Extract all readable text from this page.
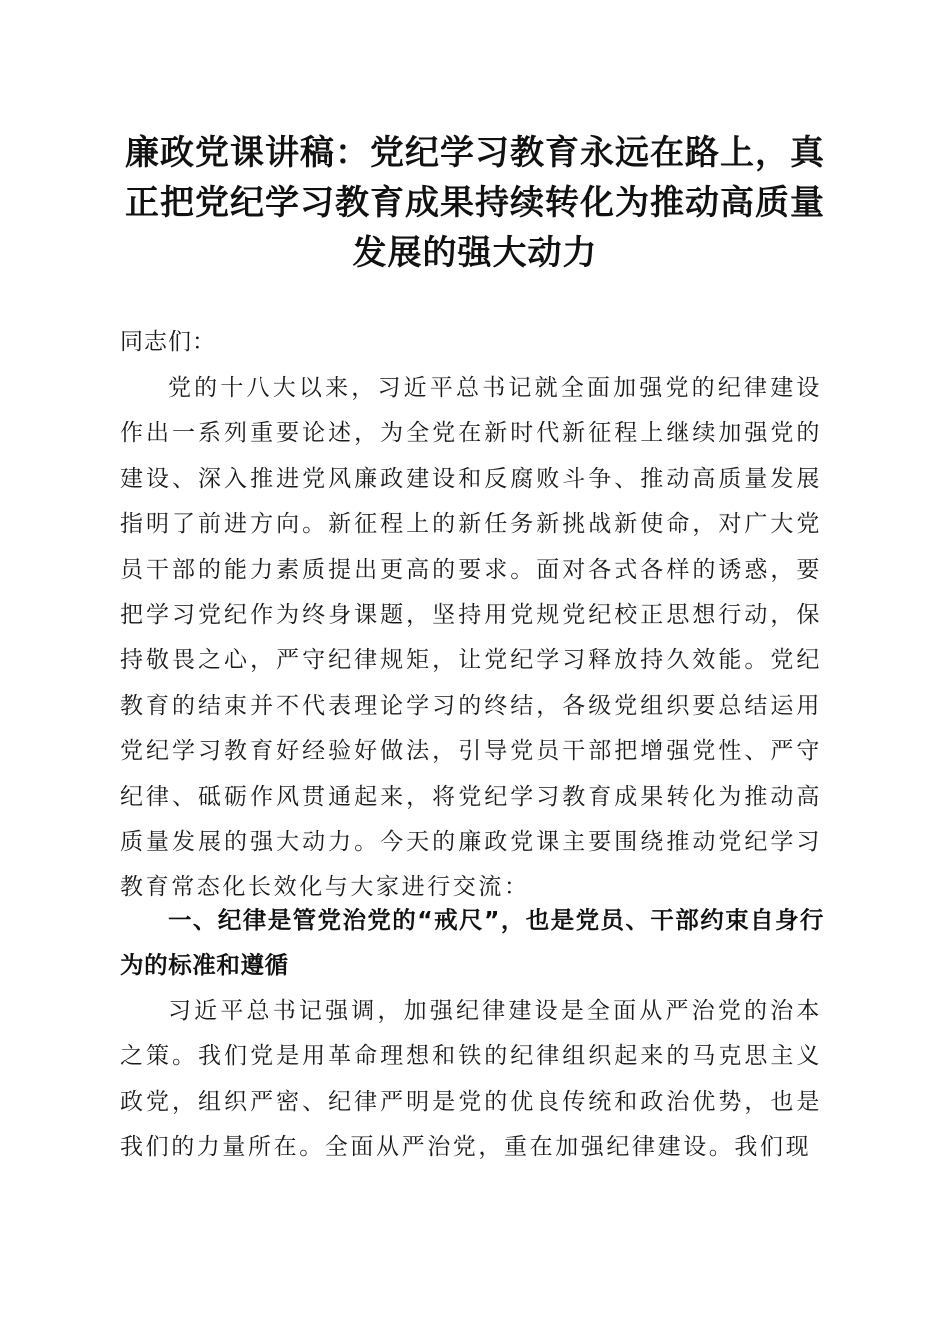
廉政党课讲稿：党纪学习教育永远在路上，真正把党纪学习教育成果持续转化为推动高质量发展的强大动力

同志们：

党的十八大以来，习近平总书记就全面加强党的纪律建设作出一系列重要论述，为全党在新时代新征程上继续加强党的建设、深入推进党风廉政建设和反腐败斗争、推动高质量发展指明了前进方向。新征程上的新任务新挑战新使命，对广大党员干部的能力素质提出更高的要求。面对各式各样的诱惑，要把学习党纪作为终身课题，坚持用党规党纪校正思想行动，保持敬畏之心，严守纪律规矩，让党纪学习释放持久效能。党纪教育的结束并不代表理论学习的终结，各级党组织要总结运用党纪学习教育好经验好做法，引导党员干部把增强党性、严守纪律、砥砺作风贯通起来，将党纪学习教育成果转化为推动高质量发展的强大动力。今天的廉政党课主要围绕推动党纪学习教育常态化长效化与大家进行交流：

一、纪律是管党治党的“戒尺”，也是党员、干部约束自身行为的标准和遵循

习近平总书记强调，加强纪律建设是全面从严治党的治本之策。我们党是用革命理想和铁的纪律组织起来的马克思主义政党，组织严密、纪律严明是党的优良传统和政治优势，也是我们的力量所在。全面从严治党，重在加强纪律建设。我们现
